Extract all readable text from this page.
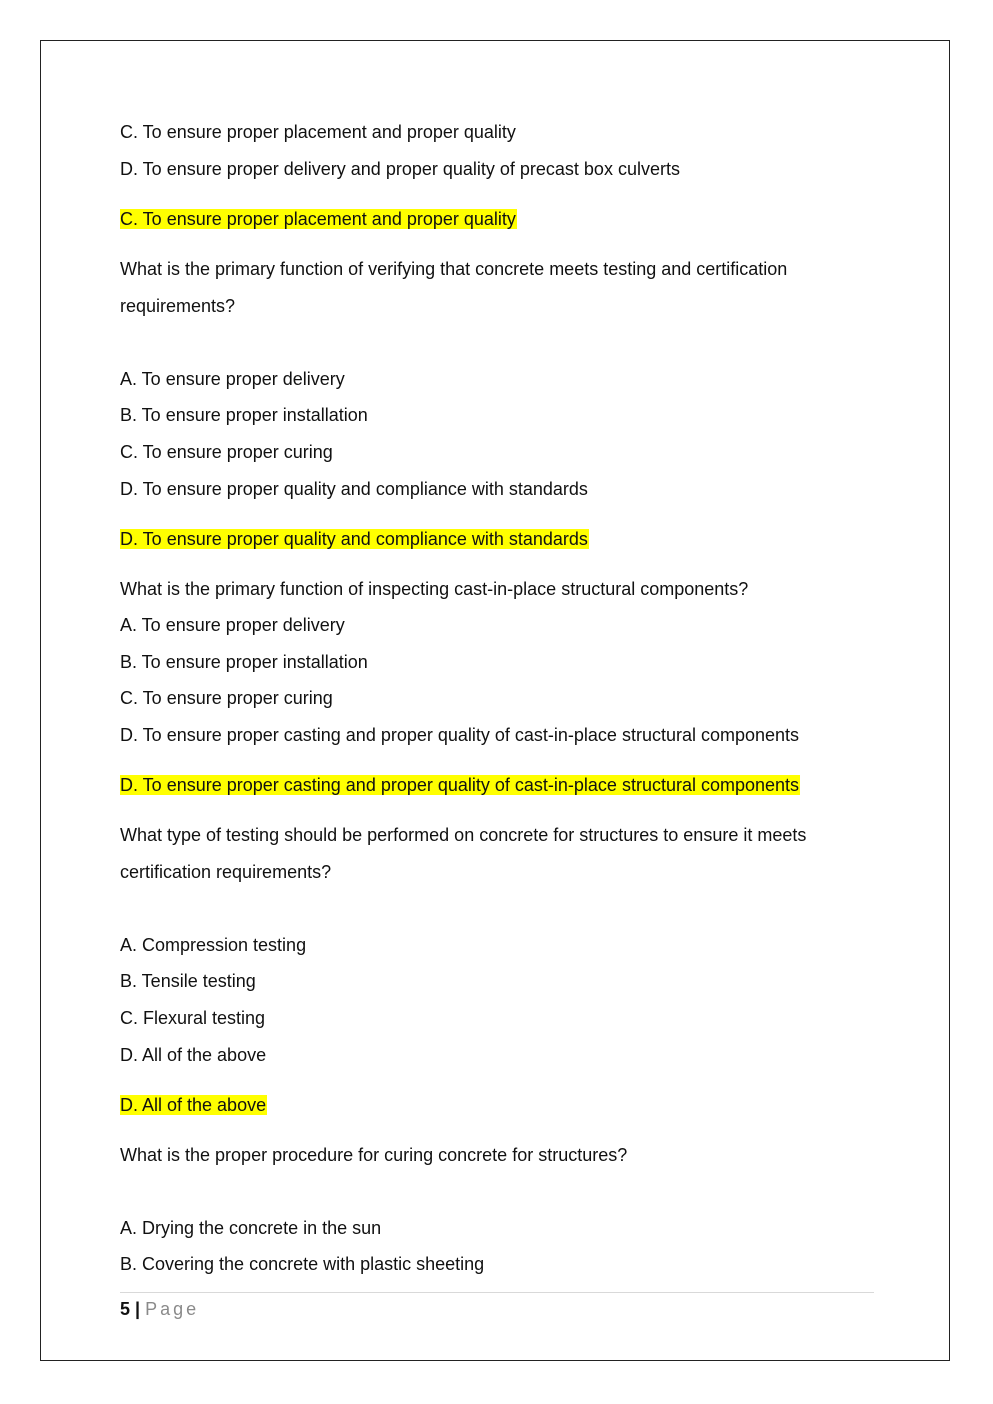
C. To ensure proper placement and proper quality
D. To ensure proper delivery and proper quality of precast box culverts
C. To ensure proper placement and proper quality
What is the primary function of verifying that concrete meets testing and certification
requirements?
A. To ensure proper delivery
B. To ensure proper installation
C. To ensure proper curing
D. To ensure proper quality and compliance with standards
D. To ensure proper quality and compliance with standards
What is the primary function of inspecting cast-in-place structural components?
A. To ensure proper delivery
B. To ensure proper installation
C. To ensure proper curing
D. To ensure proper casting and proper quality of cast-in-place structural components
D. To ensure proper casting and proper quality of cast-in-place structural components
What type of testing should be performed on concrete for structures to ensure it meets
certification requirements?
A. Compression testing
B. Tensile testing
C. Flexural testing
D. All of the above
D. All of the above
What is the proper procedure for curing concrete for structures?
A. Drying the concrete in the sun
B. Covering the concrete with plastic sheeting
5 | Page
